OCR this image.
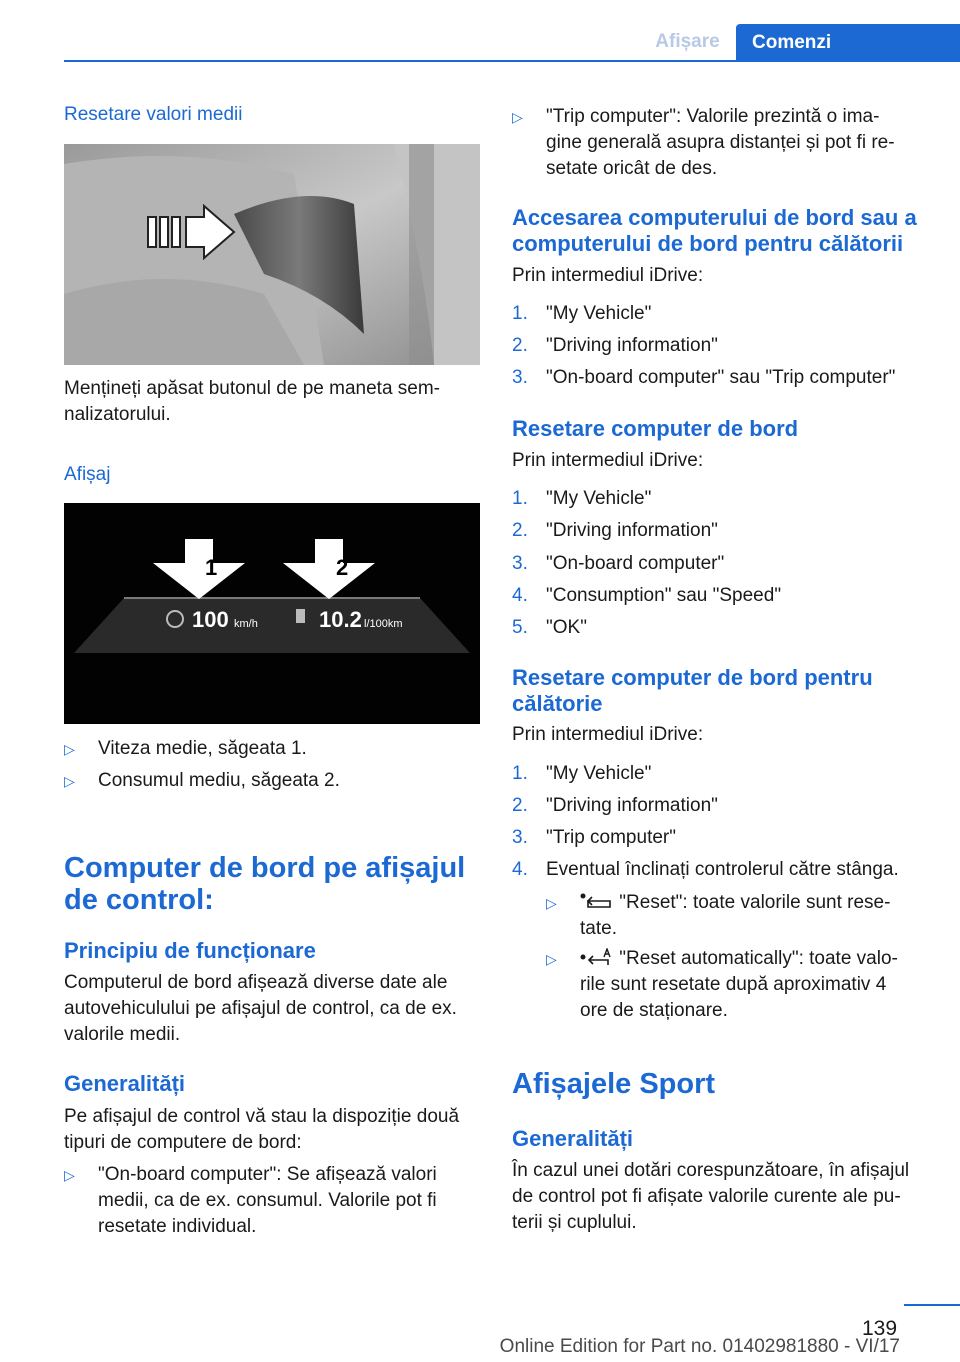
Afișare	Comenzi
Resetare valori medii
Mențineți apăsat butonul de pe maneta sem‐
nalizatorului.
Afișaj
1	2
100 km/h	10.2 l/100km
▷ Viteza medie, săgeata 1.
▷ Consumul mediu, săgeata 2.
Computer de bord pe afișajul
de control:
Principiu de funcționare
Computerul de bord afișează diverse date ale
autovehiculului pe afișajul de control, ca de ex.
valorile medii.
Generalități
Pe afișajul de control vă stau la dispoziție două
tipuri de computere de bord:
▷ "On-board computer": Se afișează valori
medii, ca de ex. consumul. Valorile pot fi
resetate individual.
▷ "Trip computer": Valorile prezintă o ima‐
gine generală asupra distanței și pot fi re‐
setate oricât de des.
Accesarea computerului de bord sau a
computerului de bord pentru călătorii
Prin intermediul iDrive:
1. "My Vehicle"
2. "Driving information"
3. "On-board computer" sau "Trip computer"
Resetare computer de bord
Prin intermediul iDrive:
1. "My Vehicle"
2. "Driving information"
3. "On-board computer"
4. "Consumption" sau "Speed"
5. "OK"
Resetare computer de bord pentru
călătorie
Prin intermediul iDrive:
1. "My Vehicle"
2. "Driving information"
3. "Trip computer"
4. Eventual înclinați controlerul către stânga.
▷	"Reset": toate valorile sunt rese‐
tate.
▷	"Reset automatically": toate valo‐
rile sunt resetate după aproximativ 4
ore de staționare.
Afișajele Sport
Generalități
În cazul unei dotări corespunzătoare, în afișajul
de control pot fi afișate valorile curente ale pu‐
terii și cuplului.
139
Online Edition for Part no. 01402981880 - VI/17
